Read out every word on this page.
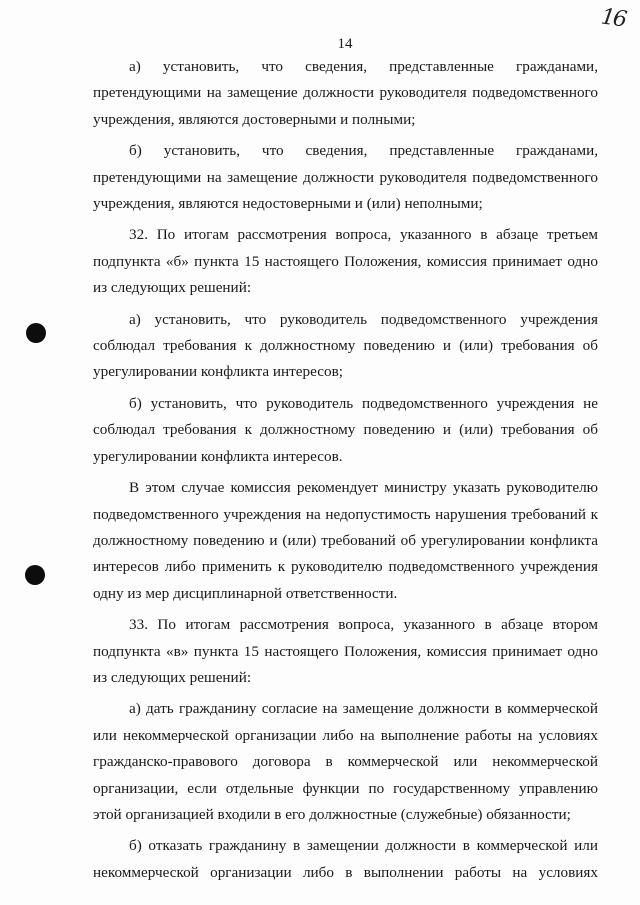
16
14
а) установить, что сведения, представленные гражданами,
претендующими на замещение должности руководителя подведомственного
учреждения, являются достоверными и полными;
б) установить, что сведения, представленные гражданами,
претендующими на замещение должности руководителя подведомственного
учреждения, являются недостоверными и (или) неполными;
32. По итогам рассмотрения вопроса, указанного в абзаце третьем
подпункта «б» пункта 15 настоящего Положения, комиссия принимает одно
из следующих решений:
а) установить, что руководитель подведомственного учреждения
соблюдал требования к должностному поведению и (или) требования об
урегулировании конфликта интересов;
б) установить, что руководитель подведомственного учреждения не
соблюдал требования к должностному поведению и (или) требования об
урегулировании конфликта интересов.
В этом случае комиссия рекомендует министру указать руководителю
подведомственного учреждения на недопустимость нарушения требований к
должностному поведению и (или) требований об урегулировании конфликта
интересов либо применить к руководителю подведомственного учреждения
одну из мер дисциплинарной ответственности.
33. По итогам рассмотрения вопроса, указанного в абзаце втором
подпункта «в» пункта 15 настоящего Положения, комиссия принимает одно
из следующих решений:
а) дать гражданину согласие на замещение должности в коммерческой
или некоммерческой организации либо на выполнение работы на условиях
гражданско-правового договора в коммерческой или некоммерческой
организации, если отдельные функции по государственному управлению
этой организацией входили в его должностные (служебные) обязанности;
б) отказать гражданину в замещении должности в коммерческой или
некоммерческой организации либо в выполнении работы на условиях
